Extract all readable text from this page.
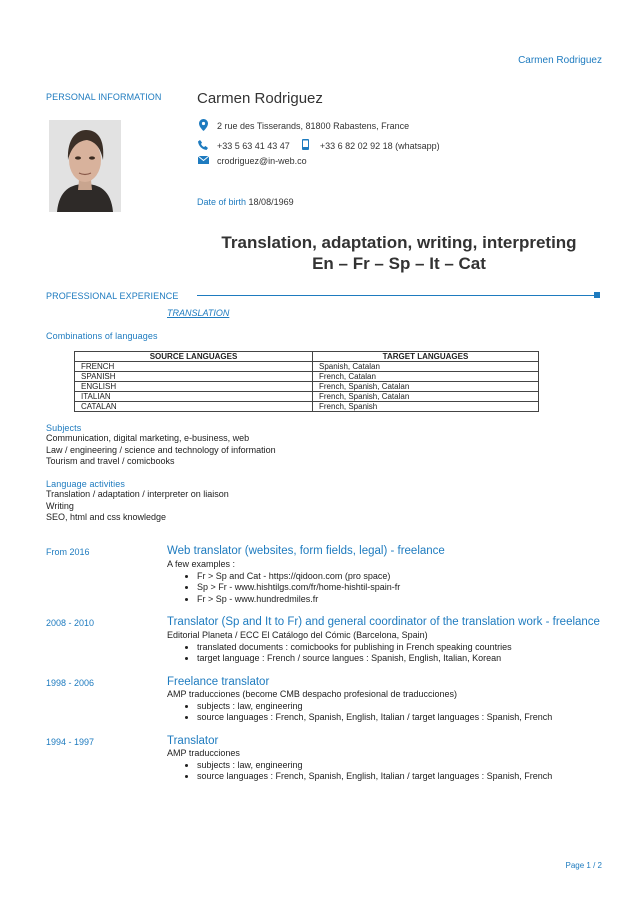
Carmen Rodriguez
PERSONAL INFORMATION Carmen Rodriguez
2 rue des Tisserands, 81800 Rabastens, France
+33 5 63 41 43 47	+33 6 82 02 92 18 (whatsapp)
crodriguez@in-web.co
Date of birth 18/08/1969
Translation, adaptation, writing, interpreting
En – Fr – Sp – It – Cat
PROFESSIONAL EXPERIENCE
TRANSLATION
Combinations of languages
SOURCE LANGUAGES	TARGET LANGUAGES
FRENCH	Spanish, Catalan
SPANISH	French, Catalan
ENGLISH	French, Spanish, Catalan
ITALIAN	French, Spanish, Catalan
CATALAN	French, Spanish
Subjects
Communication, digital marketing, e-business, web
Law / engineering / science and technology of information
Tourism and travel / comicbooks
Language activities
Translation / adaptation / interpreter on liaison
Writing
SEO, html and css knowledge
From 2016	Web translator (websites, form fields, legal) - freelance
A few examples :
• Fr > Sp and Cat - https://qidoon.com (pro space)
• Sp > Fr - www.hishtilgs.com/fr/home-hishtil-spain-fr
• Fr > Sp - www.hundredmiles.fr
2008 - 2010	Translator (Sp and It to Fr) and general coordinator of the translation work - freelance
Editorial Planeta / ECC El Catálogo del Cómic (Barcelona, Spain)
• translated documents : comicbooks for publishing in French speaking countries
• target language : French / source langues : Spanish, English, Italian, Korean
1998 - 2006	Freelance translator
AMP traducciones (become CMB despacho profesional de traducciones)
• subjects : law, engineering
• source languages : French, Spanish, English, Italian / target languages : Spanish, French
1994 - 1997	Translator
AMP traducciones
• subjects : law, engineering
• source languages : French, Spanish, English, Italian / target languages : Spanish, French
Page 1 / 2
